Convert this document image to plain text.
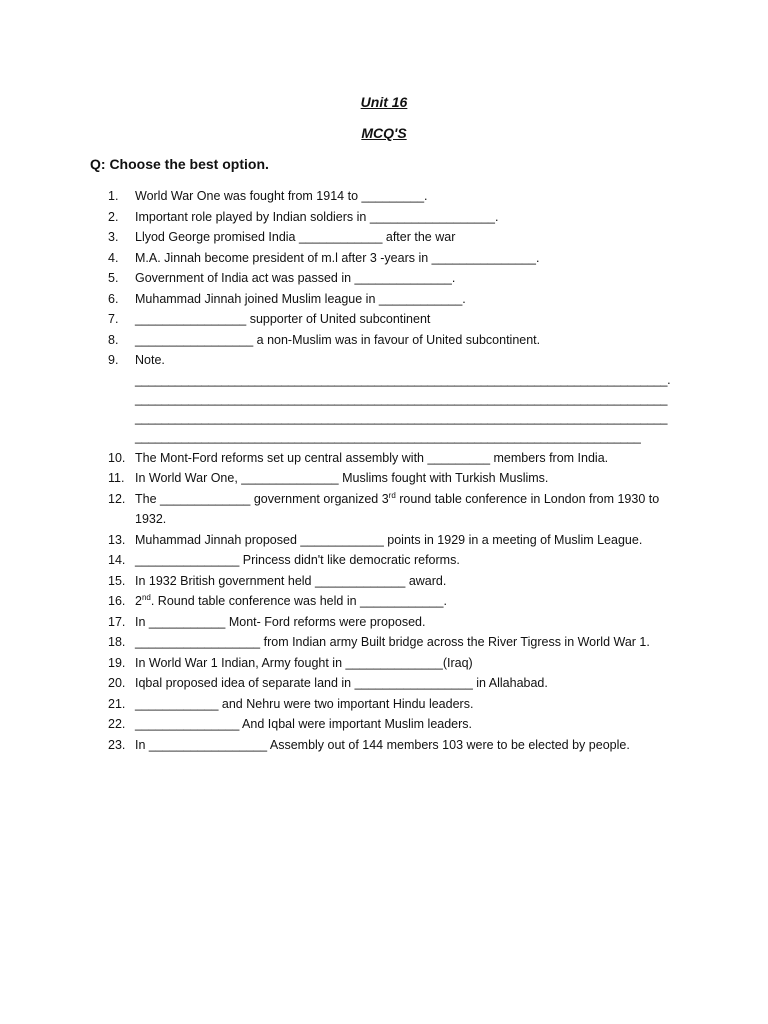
Unit 16
MCQ'S
Q: Choose the best option.
1.	World War One was fought from 1914 to _________.
2.	Important role played by Indian soldiers in __________________.
3.	Llyod George promised India ____________ after the war
4.	M.A. Jinnah become president of m.l after 3 -years in _______________.
5.	Government of India act was passed in ______________.
6.	Muhammad Jinnah joined Muslim league in ____________.
7.	________________ supporter of United subcontinent
8.	_________________ a non-Muslim was in favour of United subcontinent.
9.	Note.
________________________________________________________________________________.
________________________________________________________________________________
________________________________________________________________________________
____________________________________________________________________________
10. The Mont-Ford reforms set up central assembly with _________ members from India.
11. In World War One, ______________ Muslims fought with Turkish Muslims.
12. The _____________ government organized 3rd round table conference in London from 1930 to 1932.
13. Muhammad Jinnah proposed ____________ points in 1929 in a meeting of Muslim League.
14. _______________ Princess didn't like democratic reforms.
15. In 1932 British government held _____________ award.
16. 2nd. Round table conference was held in ____________.
17. In ___________ Mont- Ford reforms were proposed.
18. __________________ from Indian army Built bridge across the River Tigress in World War 1.
19. In World War 1 Indian, Army fought in ______________(Iraq)
20. Iqbal proposed idea of separate land in _________________ in Allahabad.
21. ____________ and Nehru were two important Hindu leaders.
22. _______________ And Iqbal were important Muslim leaders.
23. In _________________ Assembly out of 144 members 103 were to be elected by people.
